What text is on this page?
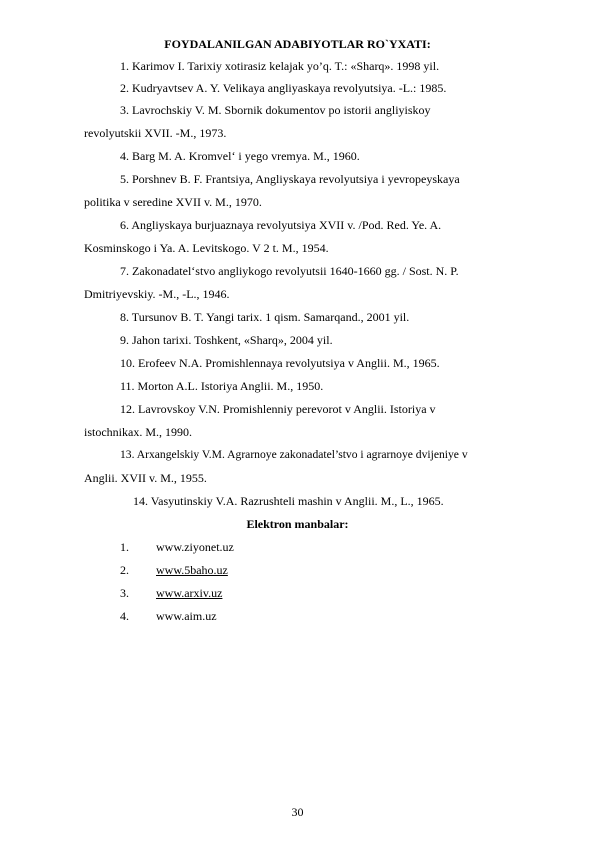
FOYDALANILGAN ADABIYOTLAR RO`YXATI:
1. Karimov I. Tarixiy xotirasiz kelajak yo’q. T.: «Sharq». 1998 yil.
2. Kudryavtsev A. Y. Velikaya angliyaskaya revolyutsiya. -L.: 1985.
3. Lavrochskiy V. M. Sbornik dokumentov po istorii angliyiskoy
revolyutskii XVII. -M., 1973.
4. Barg M. A. Kromvel‘ i yego vremya. M., 1960.
5. Porshnev B. F. Frantsiya, Angliyskaya revolyutsiya i yevropeyskaya
politika v seredine XVII v. M., 1970.
6. Angliyskaya burjuaznaya revolyutsiya XVII v. /Pod. Red. Ye. A.
Kosminskogo i Ya. A. Levitskogo. V 2 t. M., 1954.
7. Zakonadatel‘stvo angliykogo revolyutsii 1640-1660 gg. / Sost. N. P.
Dmitriyevskiy. -M., -L., 1946.
8. Tursunov B. T. Yangi tarix. 1 qism. Samarqand., 2001 yil.
9. Jahon tarixi. Toshkent, «Sharq», 2004 yil.
10. Erofeev N.A. Promishlennaya revolyutsiya v Anglii. M., 1965.
11. Morton A.L. Istoriya Anglii. M., 1950.
12. Lavrovskoy V.N. Promishlenniy perevorot v Anglii. Istoriya v
istochnikax. M., 1990.
13. Arxangelskiy V.M. Agrarnoye zakonadatel’stvo i agrarnoye dvijeniye v
Anglii. XVII v. M., 1955.
14. Vasyutinskiy V.A. Razrushteli mashin v Anglii. M., L., 1965.
Elektron manbalar:
1. www.ziyonet.uz
2. www.5baho.uz
3. www.arxiv.uz
4. www.aim.uz
30
